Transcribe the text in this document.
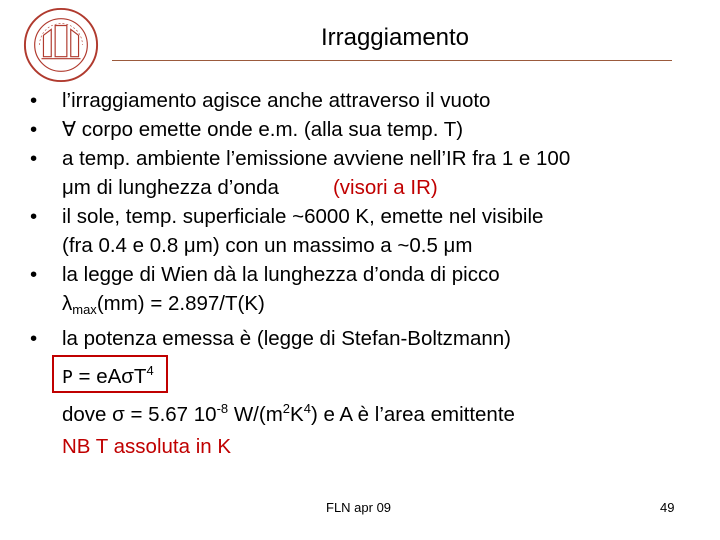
Irraggiamento
• l’irraggiamento agisce anche attraverso il vuoto
• ∀ corpo emette onde e.m. (alla sua temp. T)
• a temp. ambiente l’emissione avviene nell’IR fra 1 e 100
μm di lunghezza d’onda	(visori a IR)
• il sole, temp. superficiale ~6000 K, emette nel visibile
(fra 0.4 e 0.8 μm) con un massimo a ~0.5 μm
• la legge di Wien dà la lunghezza d’onda di picco
$\lambda_{max}(mm) = 2.897/T(K)$
• la potenza emessa è (legge di Stefan-Boltzmann)
P = eAσT$^4$
dove σ = 5.67 $10^{-8}$ $W/(m^2K^4)$ e A è l’area emittente
NB T assoluta in K
FLN apr 09	49
